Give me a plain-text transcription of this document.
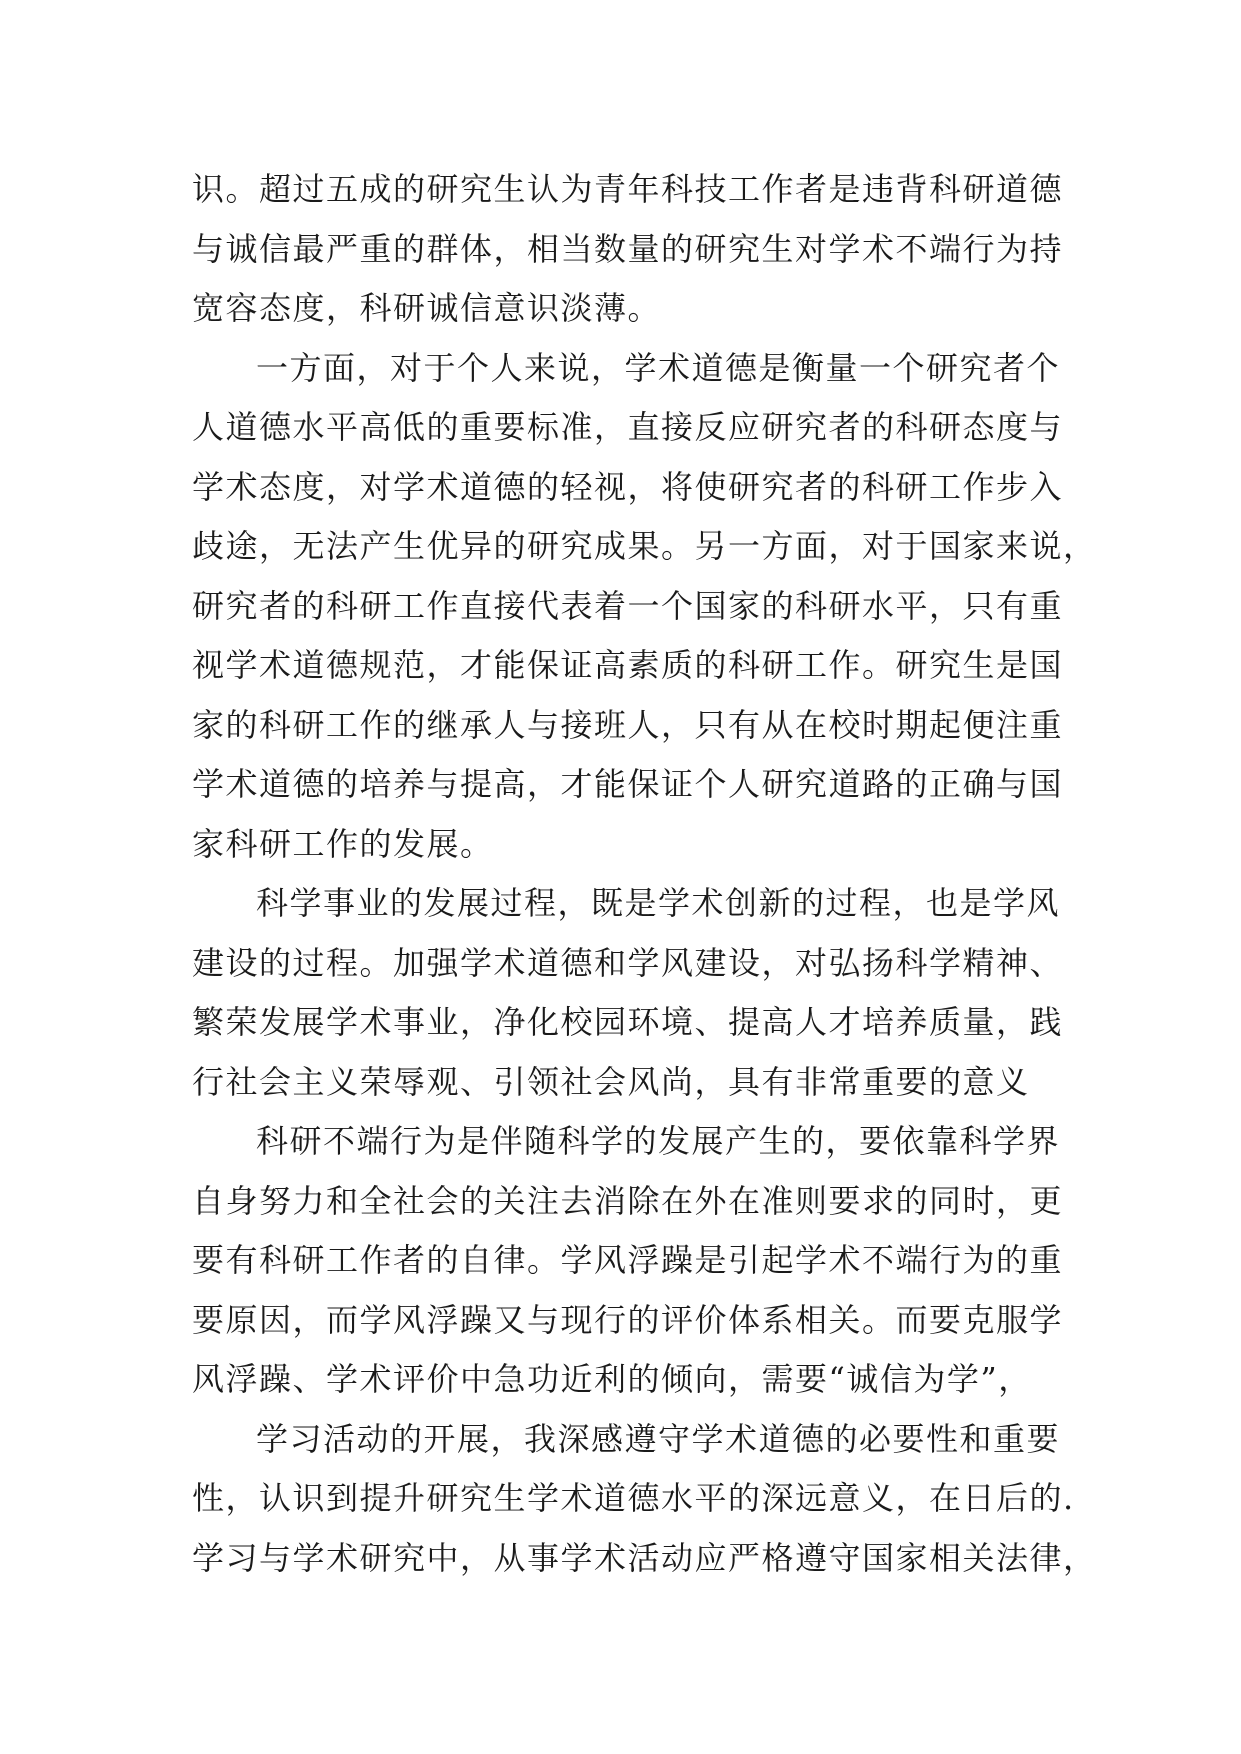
识。超过五成的研究生认为青年科技工作者是违背科研道德
与诚信最严重的群体，相当数量的研究生对学术不端行为持
宽容态度，科研诚信意识淡薄。
一方面，对于个人来说，学术道德是衡量一个研究者个
人道德水平高低的重要标准，直接反应研究者的科研态度与
学术态度，对学术道德的轻视，将使研究者的科研工作步入
歧途，无法产生优异的研究成果。另一方面，对于国家来说，
研究者的科研工作直接代表着一个国家的科研水平，只有重
视学术道德规范，才能保证高素质的科研工作。研究生是国
家的科研工作的继承人与接班人，只有从在校时期起便注重
学术道德的培养与提高，才能保证个人研究道路的正确与国
家科研工作的发展。
科学事业的发展过程，既是学术创新的过程，也是学风
建设的过程。加强学术道德和学风建设，对弘扬科学精神、
繁荣发展学术事业，净化校园环境、提高人才培养质量，践
行社会主义荣辱观、引领社会风尚，具有非常重要的意义
科研不端行为是伴随科学的发展产生的，要依靠科学界
自身努力和全社会的关注去消除在外在准则要求的同时，更
要有科研工作者的自律。学风浮躁是引起学术不端行为的重
要原因，而学风浮躁又与现行的评价体系相关。而要克服学
风浮躁、学术评价中急功近利的倾向，需要“诚信为学”，
学习活动的开展，我深感遵守学术道德的必要性和重要
性，认识到提升研究生学术道德水平的深远意义，在日后的.
学习与学术研究中，从事学术活动应严格遵守国家相关法律，
